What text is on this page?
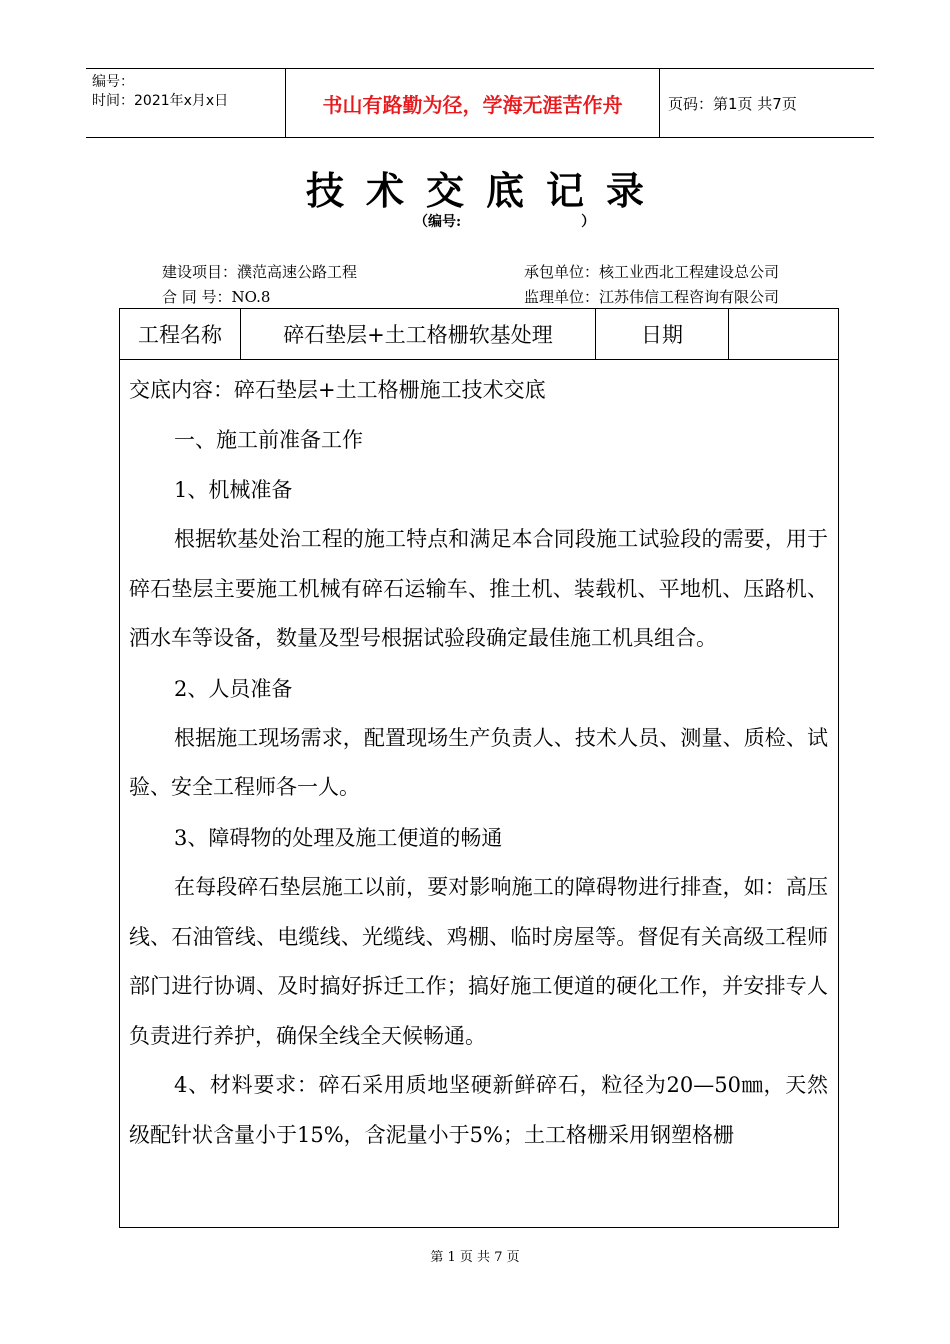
编号：
时间：2021年x月x日	书山有路勤为径，学海无涯苦作舟	页码：第1页 共7页
技术交底记录
（编号:	）
建设项目：濮范高速公路工程	承包单位：核工业西北工程建设总公司
合 同 号：NO.8	监理单位：江苏伟信工程咨询有限公司
工程名称	碎石垫层+土工格栅软基处理	日期

交底内容：碎石垫层+土工格栅施工技术交底

一、施工前准备工作

1、机械准备

根据软基处治工程的施工特点和满足本合同段施工试验段的需要，用于碎石垫层主要施工机械有碎石运输车、推土机、装载机、平地机、压路机、洒水车等设备，数量及型号根据试验段确定最佳施工机具组合。

2、人员准备

根据施工现场需求，配置现场生产负责人、技术人员、测量、质检、试验、安全工程师各一人。

3、障碍物的处理及施工便道的畅通

在每段碎石垫层施工以前，要对影响施工的障碍物进行排查，如：高压线、石油管线、电缆线、光缆线、鸡棚、临时房屋等。督促有关高级工程师部门进行协调、及时搞好拆迁工作；搞好施工便道的硬化工作，并安排专人负责进行养护，确保全线全天候畅通。

4、材料要求：碎石采用质地坚硬新鲜碎石，粒径为20—50㎜，天然级配针状含量小于15%，含泥量小于5%；土工格栅采用钢塑格栅

第 1 页 共 7 页
